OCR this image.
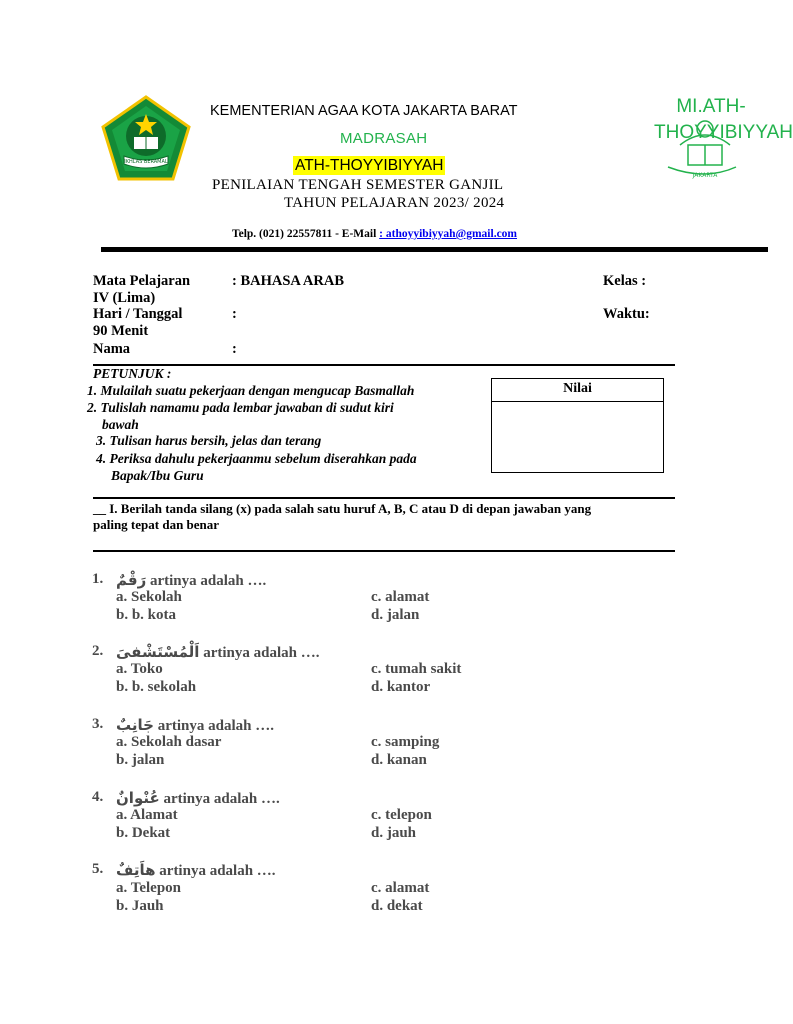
IKHLAS BERAMAL
JAKARTA
MI.ATH-THOYYIBIYYAH
KEMENTERIAN AGAA KOTA JAKARTA BARAT
MADRASAH
ATH-THOYYIBIYYAH
PENILAIAN TENGAH SEMESTER GANJIL
TAHUN PELAJARAN 2023/ 2024
Telp. (021) 22557811 - E-Mail : athoyyibiyyah@gmail.com
Mata Pelajaran	: BAHASA ARAB	Kelas :
IV (Lima)
Hari / Tanggal	:	Waktu:
90 Menit
Nama	:
PETUNJUK :
1. Mulailah suatu pekerjaan dengan mengucap Basmallah
2. Tulislah namamu pada lembar jawaban di sudut kiri
bawah
3. Tulisan harus bersih, jelas dan terang
4. Periksa dahulu pekerjaanmu sebelum diserahkan pada
Bapak/Ibu Guru
Nilai
__ I. Berilah tanda silang (x) pada salah satu huruf A, B, C atau D di depan jawaban yang
paling tepat dan benar
1. رَقْمٌ artinya adalah ….
a. Sekolah
b. b. kota
c. alamat
d. jalan
2. اَلْمُسْتَشْفىَ artinya adalah ….
a. Toko
b. b. sekolah
c. tumah sakit
d. kantor
3. جَانِبٌ artinya adalah ….
a. Sekolah dasar
b. jalan
c. samping
d. kanan
4. عُنْوانٌ artinya adalah ….
a. Alamat
b. Dekat
c. telepon
d. jauh
5. هاَتِفٌ artinya adalah ….
a. Telepon
b. Jauh
c. alamat
d. dekat
